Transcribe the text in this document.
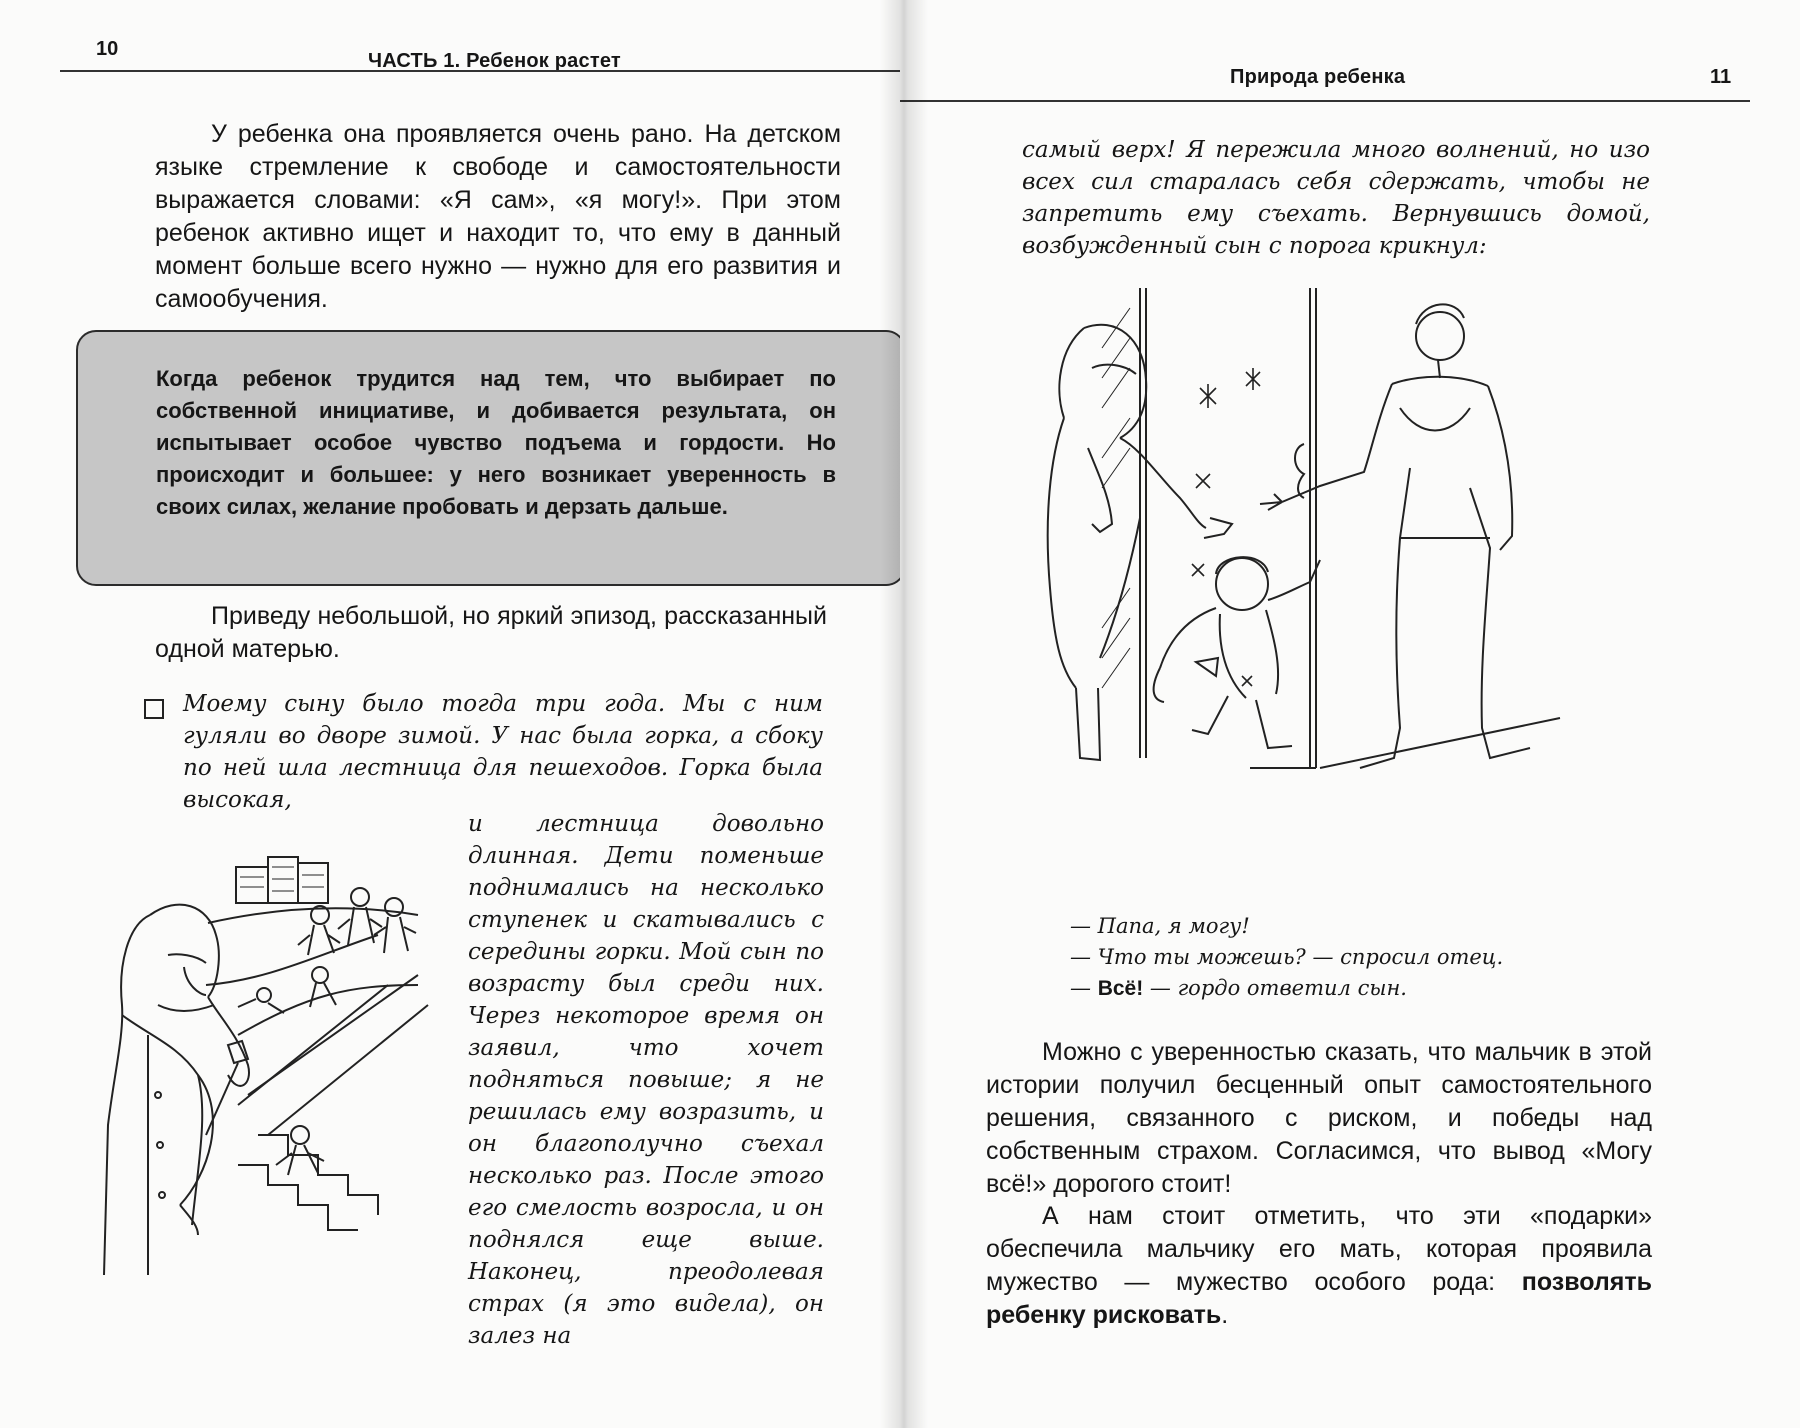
10
ЧАСТЬ 1. Ребенок растет
У ребенка она проявляется очень рано. На детском языке стремление к свободе и самостоятельности выражается словами: «Я сам», «я могу!». При этом ребенок активно ищет и находит то, что ему в данный момент больше всего нужно — нужно для его развития и самообучения.
Когда ребенок трудится над тем, что выбирает по собственной инициативе, и добивается результата, он испытывает особое чувство подъема и гордости. Но происходит и большее: у него возникает уверенность в своих силах, желание пробовать и дерзать дальше.
Приведу небольшой, но яркий эпизод, рассказанный одной матерью.
Моему сыну было тогда три года. Мы с ним гуляли во дворе зимой. У нас была горка, а сбоку по ней шла лестница для пешеходов. Горка была высокая,
и лестница довольно длинная. Дети поменьше поднимались на несколько ступенек и скатывались с середины горки. Мой сын по возрасту был среди них. Через некоторое время он заявил, что хочет подняться повыше; я не решилась ему возразить, и он благополучно съехал несколько раз. После этого его смелость возросла, и он поднялся еще выше. Наконец, преодолевая страх (я это видела), он залез на
Природа ребенка	11
самый верх! Я пережила много волнений, но изо всех сил старалась себя сдержать, чтобы не запретить ему съехать. Вернувшись домой, возбужденный сын с порога крикнул:
— Папа, я могу!
— Что ты можешь? — спросил отец.
— Всё! — гордо ответил сын.
Можно с уверенностью сказать, что мальчик в этой истории получил бесценный опыт самостоятельного решения, связанного с риском, и победы над собственным страхом. Согласимся, что вывод «Могу всё!» дорогого стоит!
А нам стоит отметить, что эти «подарки» обеспечила мальчику его мать, которая проявила мужество — мужество особого рода: позволять ребенку рисковать.
